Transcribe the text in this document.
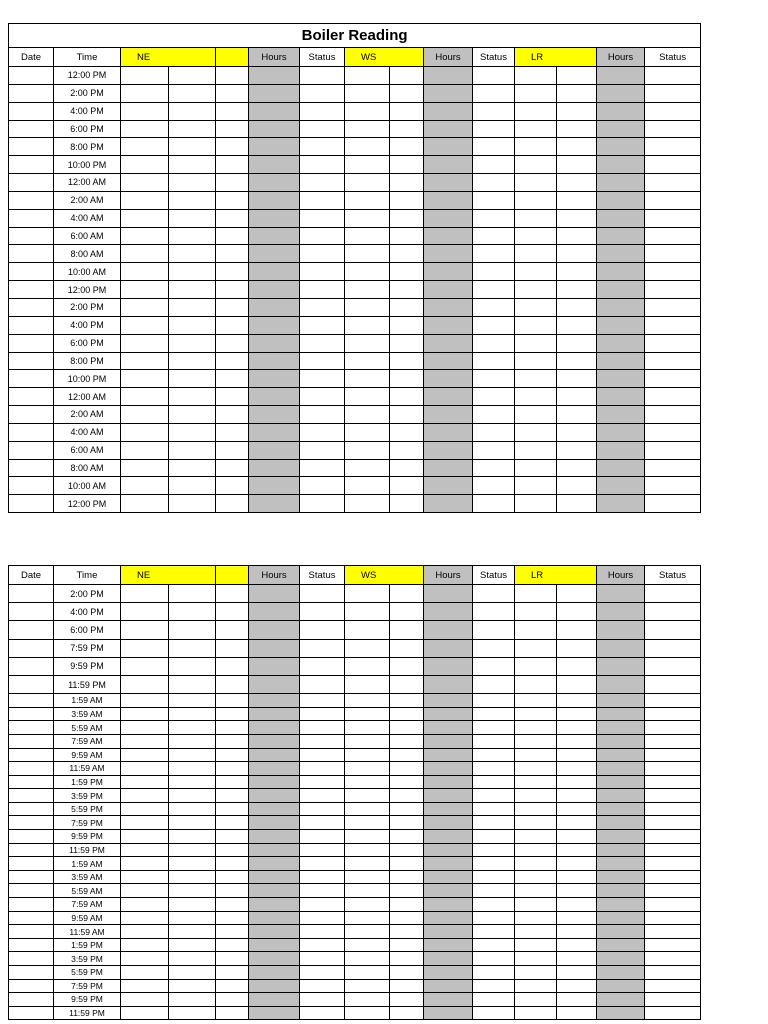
Boiler Reading														
Date	Time	NE			Hours	Status	WS		Hours	Status	LR		Hours	Status
	12:00 PM													
	2:00 PM													
	4:00 PM													
	6:00 PM													
	8:00 PM													
	10:00 PM													
	12:00 AM													
	2:00 AM													
	4:00 AM													
	6:00 AM													
	8:00 AM													
	10:00 AM													
	12:00 PM													
	2:00 PM													
	4:00 PM													
	6:00 PM													
	8:00 PM													
	10:00 PM													
	12:00 AM													
	2:00 AM													
	4:00 AM													
	6:00 AM													
	8:00 AM													
	10:00 AM													
	12:00 PM													
Date	Time	NE			Hours	Status	WS		Hours	Status	LR		Hours	Status
	2:00 PM													
	4:00 PM													
	6:00 PM													
	7:59 PM													
	9:59 PM													
	11:59 PM													
	1:59 AM													
	3:59 AM													
	5:59 AM													
	7:59 AM													
	9:59 AM													
	11:59 AM													
	1:59 PM													
	3:59 PM													
	5:59 PM													
	7:59 PM													
	9:59 PM													
	11:59 PM													
	1:59 AM													
	3:59 AM													
	5:59 AM													
	7:59 AM													
	9:59 AM													
	11:59 AM													
	1:59 PM													
	3:59 PM													
	5:59 PM													
	7:59 PM													
	9:59 PM													
	11:59 PM													
